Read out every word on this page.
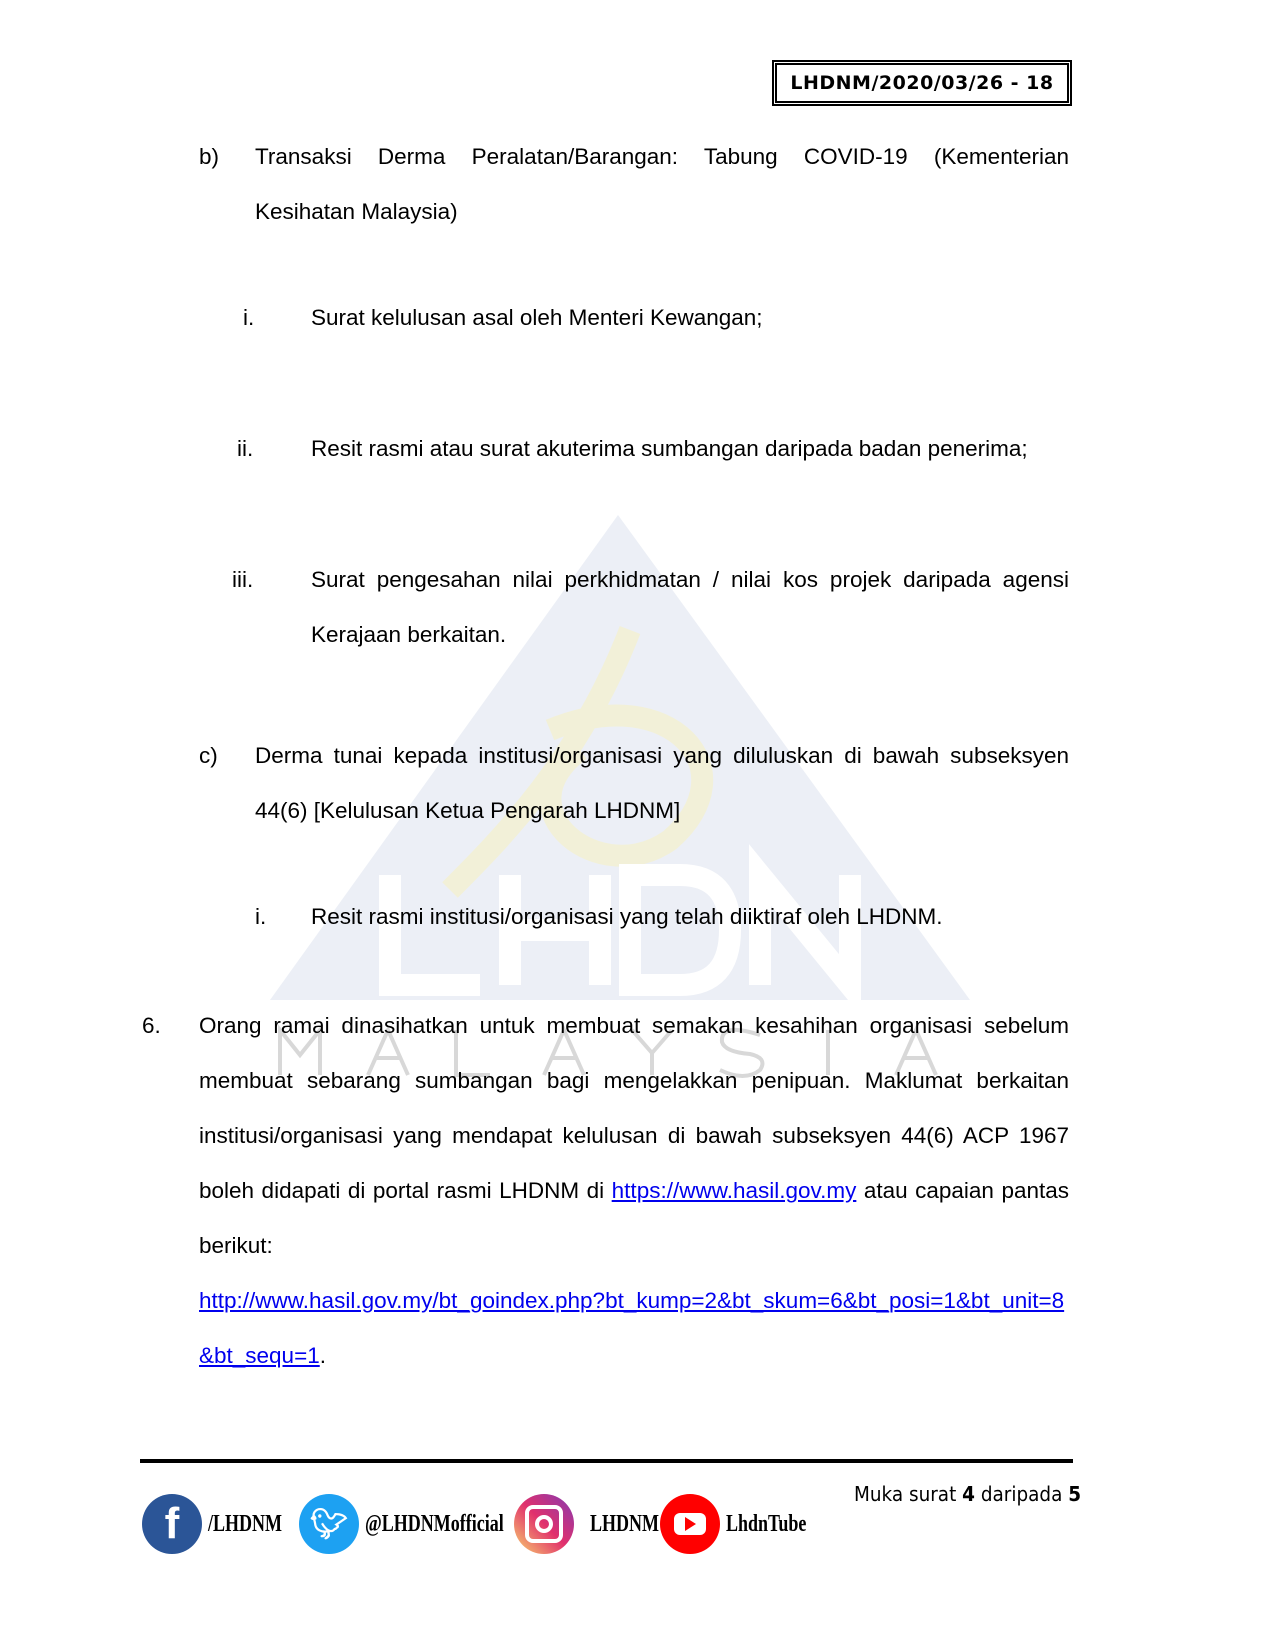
LHDNM/2020/03/26 - 18
b) Transaksi Derma Peralatan/Barangan: Tabung COVID-19 (Kementerian Kesihatan Malaysia)
i.	Surat kelulusan asal oleh Menteri Kewangan;
ii.	Resit rasmi atau surat akuterima sumbangan daripada badan penerima;
iii.	Surat pengesahan nilai perkhidmatan / nilai kos projek daripada agensi Kerajaan berkaitan.
c) Derma tunai kepada institusi/organisasi yang diluluskan di bawah subseksyen 44(6) [Kelulusan Ketua Pengarah LHDNM]
i. Resit rasmi institusi/organisasi yang telah diiktiraf oleh LHDNM.
6. Orang ramai dinasihatkan untuk membuat semakan kesahihan organisasi sebelum membuat sebarang sumbangan bagi mengelakkan penipuan. Maklumat berkaitan institusi/organisasi yang mendapat kelulusan di bawah subseksyen 44(6) ACP 1967 boleh didapati di portal rasmi LHDNM di https://www.hasil.gov.my atau capaian pantas berikut:
http://www.hasil.gov.my/bt_goindex.php?bt_kump=2&bt_skum=6&bt_posi=1&bt_unit=8&bt_sequ=1.
f	/LHDNM 🐦︎ @LHDNMofficial	LHDNM	LhdnTube
Muka surat 4 daripada 5
